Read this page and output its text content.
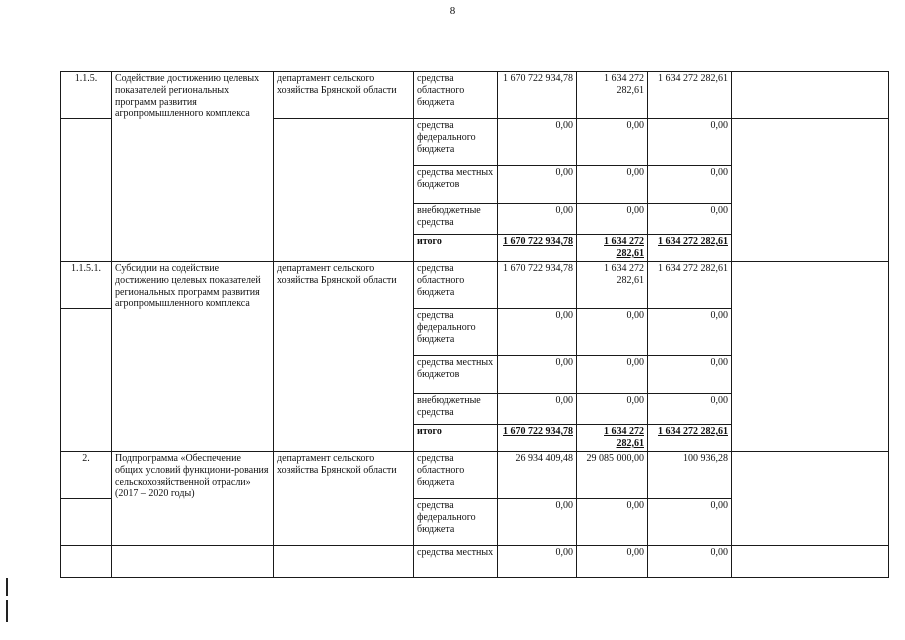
8
1.1.5.	Содействие достижению целевых показателей региональных программ развития агропромышленного комплекса	департамент сельского хозяйства Брянской области	средства областного бюджета	1 670 722 934,78	1 634 272 282,61	1 634 272 282,61	
			средства федерального бюджета	0,00	0,00	0,00	
			средства местных бюджетов	0,00	0,00	0,00	
			внебюджетные средства	0,00	0,00	0,00	
			итого	1 670 722 934,78	1 634 272 282,61	1 634 272 282,61	
1.1.5.1.	Субсидии на содействие достижению целевых показателей региональных программ развития агропромышленного комплекса	департамент сельского хозяйства Брянской области	средства областного бюджета	1 670 722 934,78	1 634 272 282,61	1 634 272 282,61	
			средства федерального бюджета	0,00	0,00	0,00	
			средства местных бюджетов	0,00	0,00	0,00	
			внебюджетные средства	0,00	0,00	0,00	
			итого	1 670 722 934,78	1 634 272 282,61	1 634 272 282,61	
2.	Подпрограмма «Обеспечение общих условий функциони-рования сельскохозяйственной отрасли» (2017 – 2020 годы)	департамент сельского хозяйства Брянской области	средства областного бюджета	26 934 409,48	29 085 000,00	100 936,28	
			средства федерального бюджета	0,00	0,00	0,00	
			средства местных	0,00	0,00	0,00	
